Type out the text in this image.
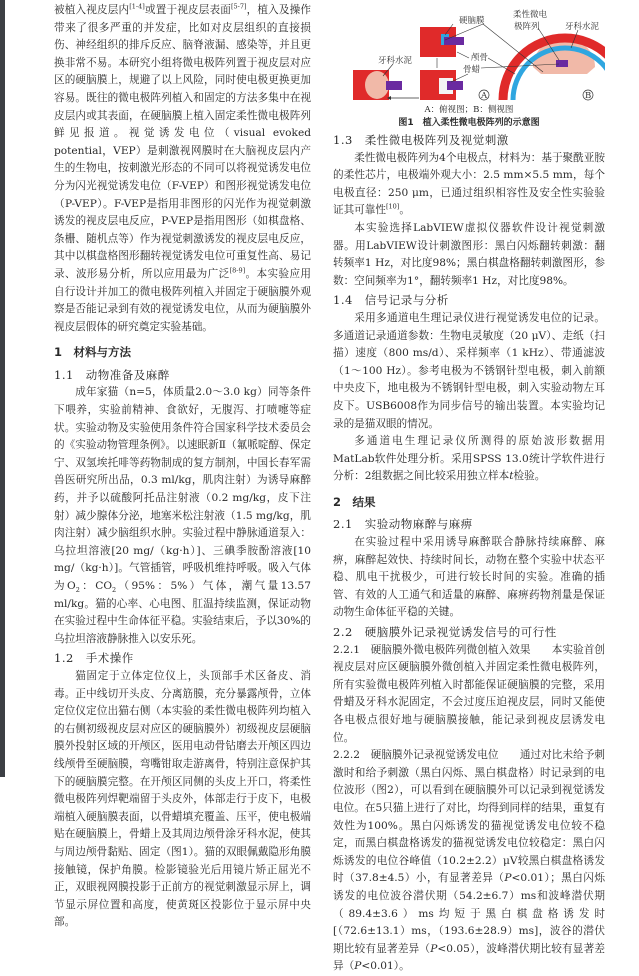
被植入视皮层内[1-4]或置于视皮层表面[5-7]，植入及操作带来了很多严重的并发症，比如对皮层组织的直接损伤、神经组织的排斥反应、脑脊液漏、感染等，并且更换非常不易。本研究小组将微电极阵列置于视皮层对应区的硬脑膜上，规避了以上风险，同时使电极更换更加容易。既往的微电极阵列植入和固定的方法多集中在视皮层内或其表面，在硬脑膜上植入固定柔性微电极阵列鲜见报道。视觉诱发电位（visual evoked potential，VEP）是刺激视网膜时在大脑视皮层内产生的生物电，按刺激光形态的不同可以将视觉诱发电位分为闪光视觉诱发电位（F-VEP）和图形视觉诱发电位（P-VEP）。F-VEP是指用非图形的闪光作为视觉刺激诱发的视皮层电反应，P-VEP是指用图形（如棋盘格、条栅、随机点等）作为视觉刺激诱发的视皮层电反应，其中以棋盘格图形翻转视觉诱发电位可重复性高、易记录、波形易分析，所以应用最为广泛[8-9]。本实验应用自行设计并加工的微电极阵列植入并固定于硬脑膜外观察是否能记录到有效的视觉诱发电位，从而为硬脑膜外视皮层假体的研究奠定实验基础。

1　材料与方法
1.1　动物准备及麻醉

成年家猫（n=5，体质量2.0～3.0 kg）同等条件下喂养，实验前精神、食欲好，无腹泻、打喷嚏等症状。实验动物及实验使用条件符合国家科学技术委员会的《实验动物管理条例》。以速眠新Ⅱ（氟哌啶醇、保定宁、双氢埃托啡等药物制成的复方制剂，中国长春军需兽医研究所出品，0.3 ml/kg，肌肉注射）为诱导麻醉药，并予以硫酸阿托品注射液（0.2 mg/kg，皮下注射）减少腺体分泌，地塞米松注射液（1.5 mg/kg，肌肉注射）减少脑组织水肿。实验过程中静脉通道泵入：乌拉坦溶液[20 mg/（kg·h）]、三碘季胺酚溶液[10 mg/（kg·h）]。气管插管，呼吸机维持呼吸。吸入气体为$O_2$：$CO_2(95\%$：5%）气体，潮气量13.57 ml/kg。猫的心率、心电图、肛温持续监测，保证动物在实验过程中生命体征平稳。实验结束后，予以30%的乌拉坦溶液静脉推入以安乐死。

1.2　手术操作

猫固定于立体定位仪上，头顶部手术区备皮、消毒。正中线切开头皮、分离筋膜，充分暴露颅骨，立体定位仪定位出猫右侧（本实验的柔性微电极阵列均植入的右侧初级视皮层对应区的硬脑膜外）初级视皮层硬脑膜外投射区域的开颅区，医用电动骨钻磨去开颅区四边线颅骨至硬脑膜，弯嘴钳取走游离骨，特别注意保护其下的硬脑膜完整。在开颅区同侧的头皮上开口，将柔性微电极阵列焊靶端留于头皮外，体部走行于皮下，电极端植入硬脑膜表面，以骨蜡填充覆盖、压平，使电极端贴在硬脑膜上，骨蜡上及其周边颅骨涂牙科水泥，使其与周边颅骨黏贴、固定（图1）。猫的双眼佩戴隐形角膜接触镜，保护角膜。检影镜验光后用镜片矫正屈光不正，双眼视网膜投影于正前方的视觉刺激显示屏上，调节显示屏位置和高度，使黄斑区投影位于显示屏中央部。

硬脑膜
柔性微电
极阵列	牙科水泥
颅骨
骨蜡
牙科水泥
A	B
A：俯视图；B：侧视图
图1　植入柔性微电极阵列的示意图
1.3　柔性微电极阵列及视觉刺激

柔性微电极阵列为4个电极点，材料为：基于聚酰亚胺的柔性芯片，电极端外观大小：2.5 mm×5.5 mm，每个电极直径：250 μm，已通过组织相容性及安全性实验验证其可靠性[10]。

本实验选择LabVIEW虚拟仪器软件设计视觉刺激器。用LabVIEW设计刺激图形：黑白闪烁翻转刺激：翻转频率1 Hz，对比度98%；黑白棋盘格翻转刺激图形，参数：空间频率为1°，翻转频率1 Hz，对比度98%。

1.4　信号记录与分析

采用多通道电生理记录仪进行视觉诱发电位的记录。多通道记录通道参数：生物电灵敏度（20 μV）、走纸（扫描）速度（800 ms/d）、采样频率（1 kHz）、带通滤波（1～100 Hz）。参考电极为不锈钢针型电极，刺入前额中央皮下，地电极为不锈钢针型电极，刺入实验动物左耳皮下。USB6008作为同步信号的输出装置。本实验均记录的是猫双眼的情况。

多通道电生理记录仪所测得的原始波形数据用MatLab软件处理分析。采用SPSS 13.0统计学软件进行分析：2组数据之间比较采用独立样本t检验。

2　结果
2.1　实验动物麻醉与麻痹

在实验过程中采用诱导麻醉联合静脉持续麻醉、麻痹，麻醉起效快、持续时间长，动物在整个实验中状态平稳、肌电干扰极少，可进行较长时间的实验。准确的插管、有效的人工通气和适量的麻醉、麻痹药物剂量是保证动物生命体征平稳的关键。

2.2　硬脑膜外记录视觉诱发信号的可行性

2.2.1　硬脑膜外微电极阵列微创植入效果   本实验首创视皮层对应区硬脑膜外微创植入并固定柔性微电极阵列，所有实验微电极阵列植入时都能保证硬脑膜的完整，采用骨蜡及牙科水泥固定，不会过度压迫视皮层，同时又能使各电极点很好地与硬脑膜接触，能记录到视皮层诱发电位。

2.2.2　硬脑膜外记录视觉诱发电位   通过对比未给予刺激时和给予刺激（黑白闪烁、黑白棋盘格）时记录到的电位波形（图2），可以看到在硬脑膜外可以记录到视觉诱发电位。在5只猫上进行了对比，均得到同样的结果，重复有效性为100%。黑白闪烁诱发的猫视觉诱发电位较不稳定，而黑白棋盘格诱发的猫视觉诱发电位较稳定：黑白闪烁诱发的电位谷峰值（10.2±2.2）μV较黑白棋盘格诱发时（37.8±4.5）小，有显著差异（P<0.01）；黑白闪烁诱发的电位波谷潜伏期（54.2±6.7）ms和波峰潜伏期（89.4±3.6）ms均短于黑白棋盘格诱发时[（72.6±13.1）ms，（193.6±28.9）ms]，波谷的潜伏期比较有显著差异（P<0.05），波峰潜伏期比较有显著差异（P<0.01）。
